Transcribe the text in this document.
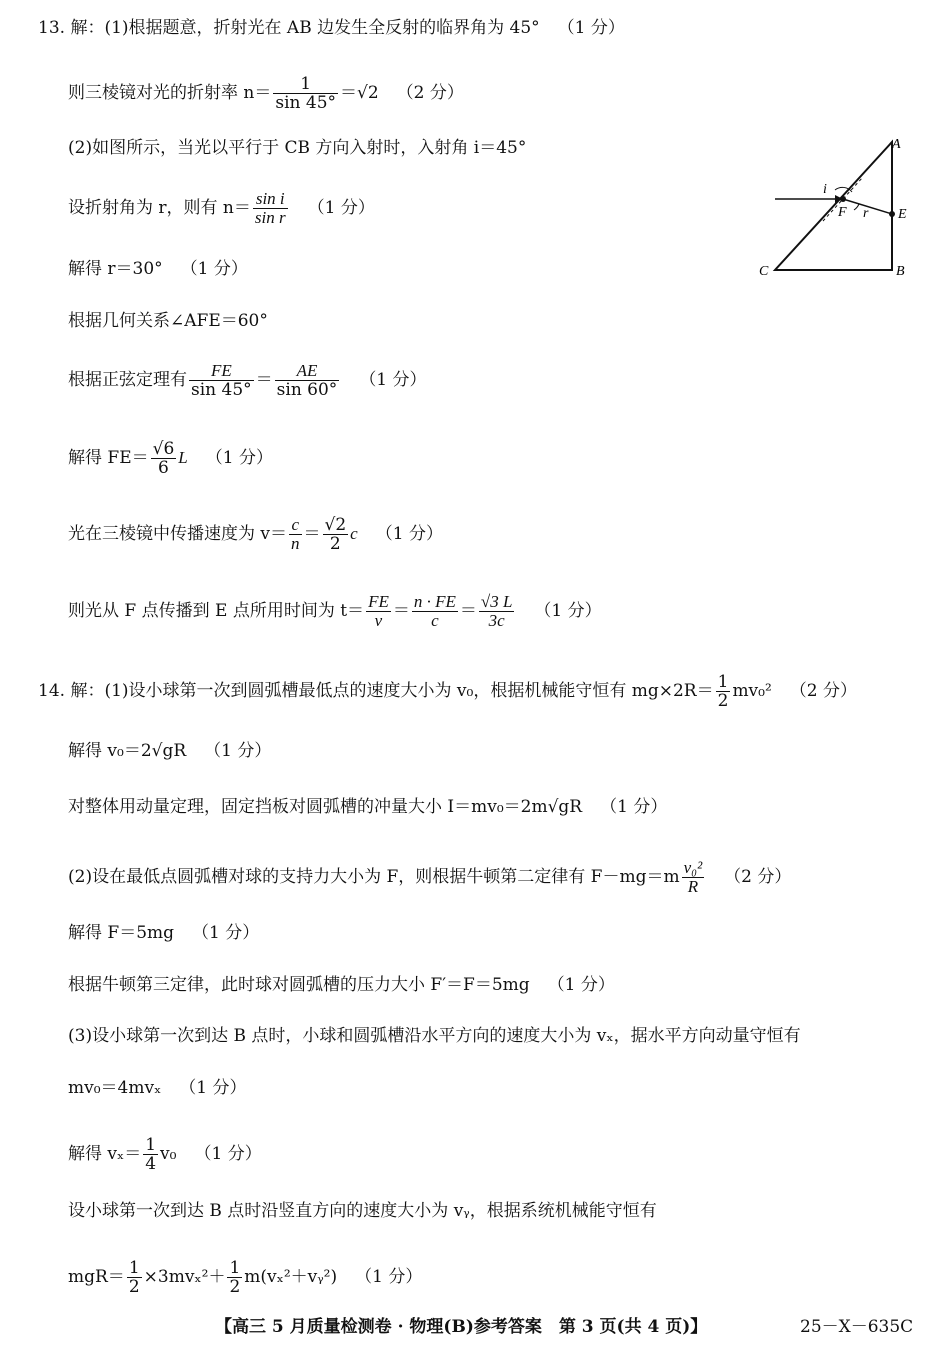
13. 解：(1)根据题意，折射光在 AB 边发生全反射的临界角为 45° （1 分）
则三棱镜对光的折射率 $n= \frac{1}{\sin 45^\circ} =√2$ （2 分）
(2)如图所示，当光以平行于 CB 方向入射时，入射角 i＝45°
设折射角为 r，则有 $n= \frac{\text{sin i}}{\text{sin r}} (1$ 分）
解得 r＝30° （1 分）
根据几何关系∠AFE＝60°
根据正弦定理有 $\frac{FE}{\sin 45^\circ} = \frac{AE}{\sin 60^\circ} (1$ 分）
解得 $FE= \frac{√6}{6}$ L （1 分）
光在三棱镜中传播速度为 $v= \frac{c}{n} = \frac{√2}{2}$ c （1 分）
则光从 F 点传播到 E 点所用时间为 $t= \frac{FE}{v} = \frac{n \cdot FE}{c} = \frac{√3 L}{3c} (1$ 分）
A
B
C
E
F
i
r
14. 解：(1)设小球第一次到圆弧槽最低点的速度大小为 v₀，根据机械能守恒有 $mg\times 2R= \frac{1}{2} mv_0^2$ （2 分）
解得 v₀＝2√gR （1 分）
对整体用动量定理，固定挡板对圆弧槽的冲量大小 I＝mv₀＝2m√gR （1 分）
(2)设在最低点圆弧槽对球的支持力大小为 F，则根据牛顿第二定律有 $F-mg=m \frac{\text{v₀²}}{R} (2$ 分）
解得 F＝5mg （1 分）
根据牛顿第三定律，此时球对圆弧槽的压力大小 F′＝F＝5mg （1 分）
(3)设小球第一次到达 B 点时，小球和圆弧槽沿水平方向的速度大小为 vₓ，据水平方向动量守恒有
mv₀＝4mvₓ （1 分）
解得 $v_x= \frac{1}{4} v_0$ （1 分）
设小球第一次到达 B 点时沿竖直方向的速度大小为 vᵧ，根据系统机械能守恒有
$mgR= \frac{1}{2} \times 3mv_x^2+ \frac{1}{2}$ m(vₓ²＋vᵧ²) （1 分）
【高三 5 月质量检测卷 · 物理(B)参考答案　第 3 页(共 4 页)】	25－X－635C
